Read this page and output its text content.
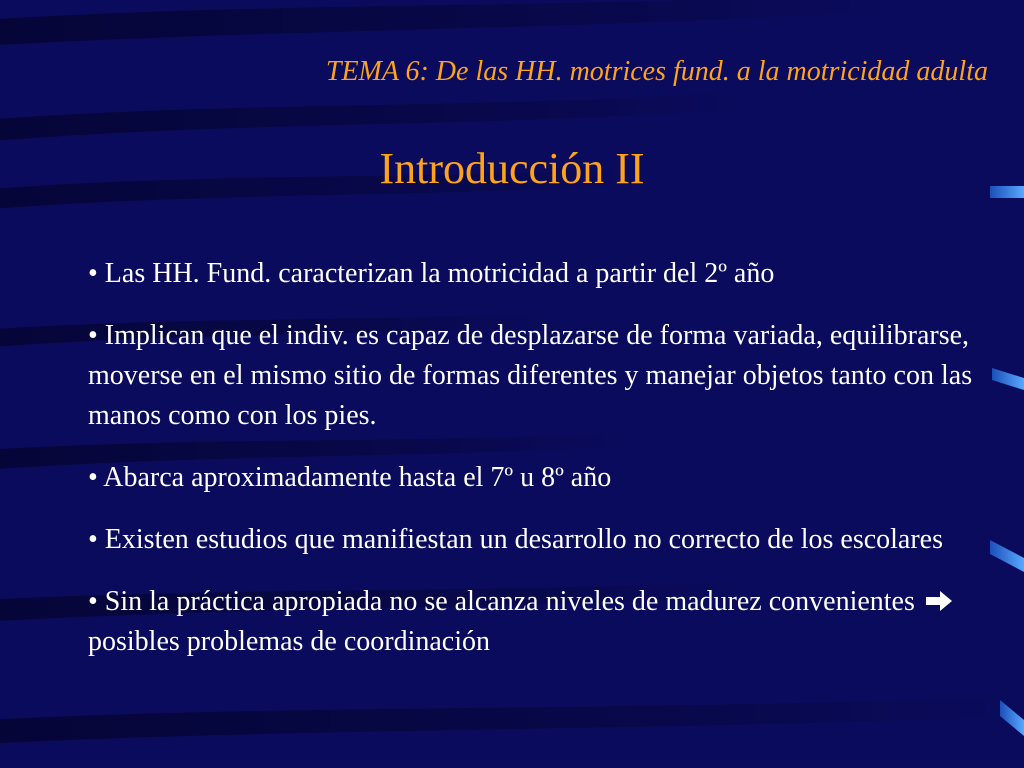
TEMA 6: De las HH. motrices fund. a la motricidad adulta
Introducción II
• Las HH. Fund. caracterizan la motricidad a partir del 2º año
• Implican que el indiv. es capaz de desplazarse de forma variada, equilibrarse, moverse en el mismo sitio de formas diferentes y manejar objetos tanto con las manos como con los pies.
• Abarca aproximadamente hasta el 7º u 8º año
• Existen estudios que manifiestan un desarrollo no correcto de los escolares
• Sin la práctica apropiada no se alcanza niveles de madurez convenientes  posibles problemas de coordinación
